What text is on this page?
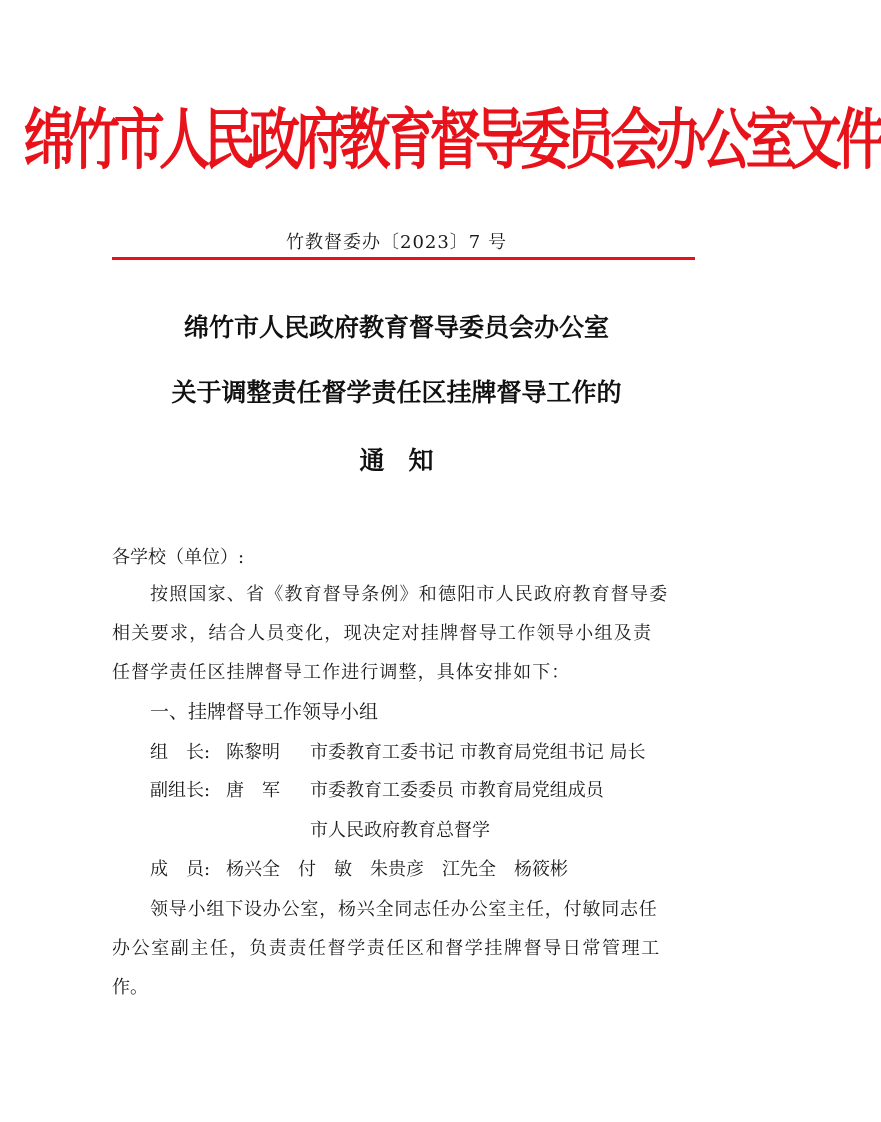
绵竹市人民政府教育督导委员会办公室文件
竹教督委办〔2023〕7 号
绵竹市人民政府教育督导委员会办公室
关于调整责任督学责任区挂牌督导工作的
通知
各学校（单位）:
按照国家、省《教育督导条例》和德阳市人民政府教育督导委
相关要求，结合人员变化，现决定对挂牌督导工作领导小组及责
任督学责任区挂牌督导工作进行调整，具体安排如下：
一、挂牌督导工作领导小组
组　长: 陈黎明 市委教育工委书记 市教育局党组书记 局长
副组长: 唐　军 市委教育工委委员 市教育局党组成员
市人民政府教育总督学
成　员: 杨兴全　付　敏　朱贵彦　江先全　杨筱彬
领导小组下设办公室，杨兴全同志任办公室主任，付敏同志任
办公室副主任，负责责任督学责任区和督学挂牌督导日常管理工
作。
